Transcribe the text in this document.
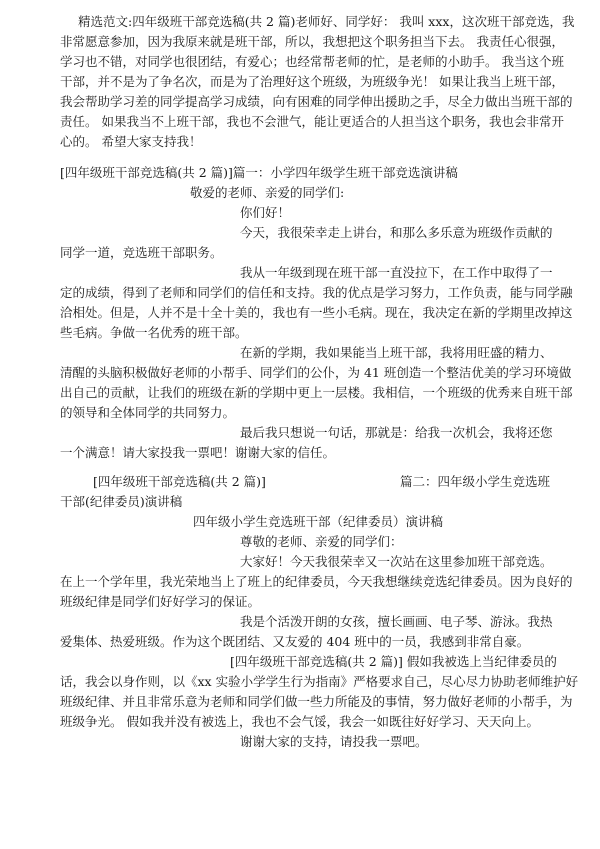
精选范文:四年级班干部竞选稿(共 2 篇)老师好、同学好： 我叫 xxx，这次班干部竞选，我
非常愿意参加，因为我原来就是班干部，所以，我想把这个职务担当下去。 我责任心很强，
学习也不错，对同学也很团结，有爱心；也经常帮老师的忙，是老师的小助手。 我当这个班
干部，并不是为了争名次，而是为了治理好这个班级，为班级争光！ 如果让我当上班干部，
我会帮助学习差的同学提高学习成绩，向有困难的同学伸出援助之手，尽全力做出当班干部的
责任。 如果我当不上班干部，我也不会泄气，能让更适合的人担当这个职务，我也会非常开
心的。 希望大家支持我！
[四年级班干部竞选稿(共 2 篇)]篇一：小学四年级学生班干部竞选演讲稿
敬爱的老师、亲爱的同学们:
你们好！
今天，我很荣幸走上讲台，和那么多乐意为班级作贡献的
同学一道，竞选班干部职务。
我从一年级到现在班干部一直没拉下，在工作中取得了一
定的成绩，得到了老师和同学们的信任和支持。我的优点是学习努力，工作负责，能与同学融
洽相处。但是，人并不是十全十美的，我也有一些小毛病。现在，我决定在新的学期里改掉这
些毛病。争做一名优秀的班干部。
在新的学期，我如果能当上班干部，我将用旺盛的精力、
清醒的头脑积极做好老师的小帮手、同学们的公仆，为 41 班创造一个整洁优美的学习环境做
出自己的贡献，让我们的班级在新的学期中更上一层楼。我相信，一个班级的优秀来自班干部
的领导和全体同学的共同努力。
最后我只想说一句话，那就是：给我一次机会，我将还您
一个满意！请大家投我一票吧！谢谢大家的信任。
[四年级班干部竞选稿(共 2 篇)]	篇二：四年级小学生竞选班
干部(纪律委员)演讲稿
四年级小学生竞选班干部（纪律委员）演讲稿
尊敬的老师、亲爱的同学们：
大家好！今天我很荣幸又一次站在这里参加班干部竞选。
在上一个学年里，我光荣地当上了班上的纪律委员，今天我想继续竞选纪律委员。因为良好的
班级纪律是同学们好好学习的保证。
我是个活泼开朗的女孩，擅长画画、电子琴、游泳。我热
爱集体、热爱班级。作为这个既团结、又友爱的 404 班中的一员，我感到非常自豪。
[四年级班干部竞选稿(共 2 篇)] 假如我被选上当纪律委员的
话，我会以身作则，以《xx 实验小学学生行为指南》严格要求自己，尽心尽力协助老师维护好
班级纪律、并且非常乐意为老师和同学们做一些力所能及的事情，努力做好老师的小帮手，为
班级争光。 假如我并没有被选上，我也不会气馁，我会一如既往好好学习、天天向上。
谢谢大家的支持，请投我一票吧。
